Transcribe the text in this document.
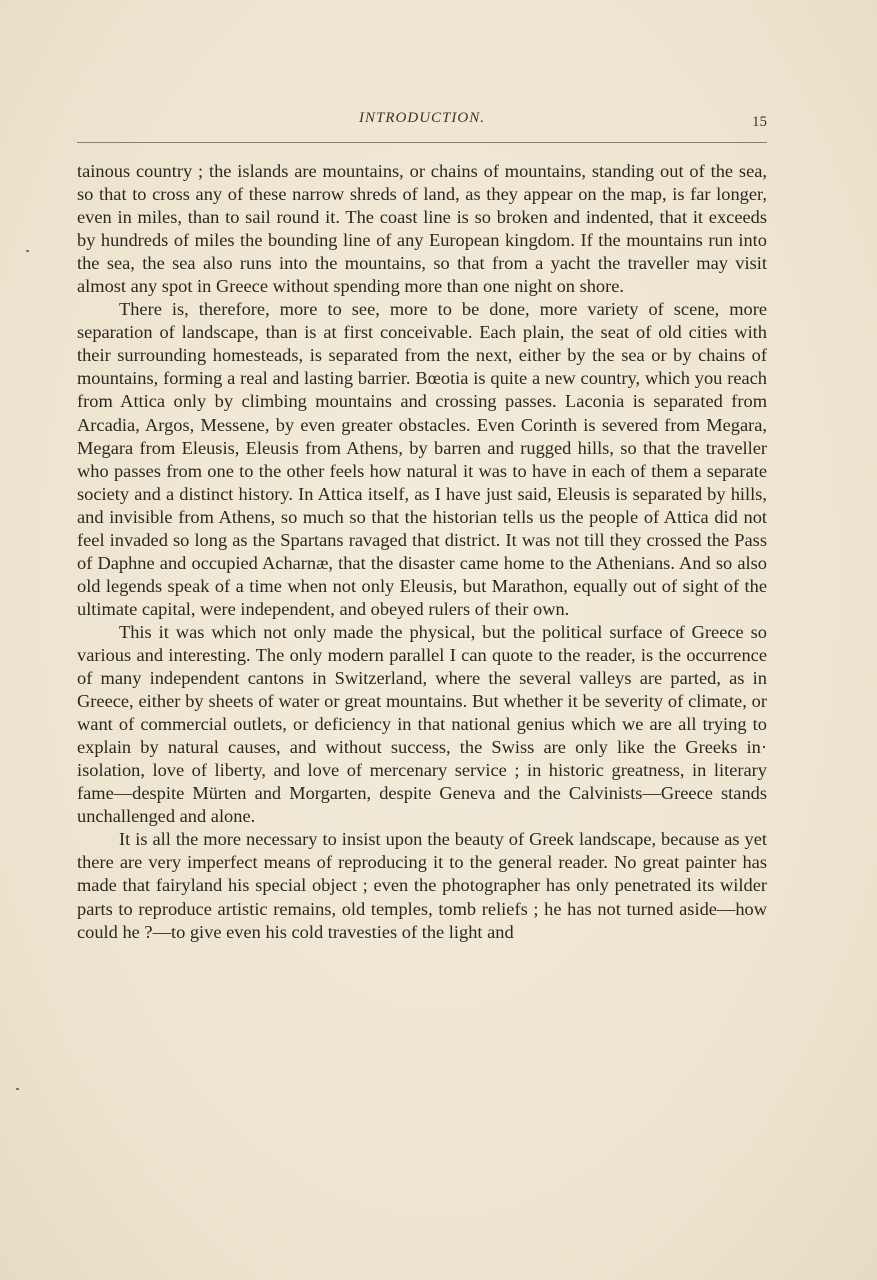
INTRODUCTION.	15

tainous country ; the islands are mountains, or chains of mountains, standing out of the sea, so that to cross any of these narrow shreds of land, as they appear on the map, is far longer, even in miles, than to sail round it. The coast line is so broken and indented, that it exceeds by hundreds of miles the bounding line of any European kingdom. If the mountains run into the sea, the sea also runs into the mountains, so that from a yacht the traveller may visit almost any spot in Greece without spending more than one night on shore.

There is, therefore, more to see, more to be done, more variety of scene, more separation of landscape, than is at first conceivable. Each plain, the seat of old cities with their surrounding homesteads, is separated from the next, either by the sea or by chains of mountains, forming a real and lasting barrier. Bœotia is quite a new country, which you reach from Attica only by climbing mountains and crossing passes. Laconia is separated from Arcadia, Argos, Messene, by even greater obstacles. Even Corinth is severed from Megara, Megara from Eleusis, Eleusis from Athens, by barren and rugged hills, so that the traveller who passes from one to the other feels how natural it was to have in each of them a separate society and a distinct history. In Attica itself, as I have just said, Eleusis is separated by hills, and invisible from Athens, so much so that the historian tells us the people of Attica did not feel invaded so long as the Spartans ravaged that district. It was not till they crossed the Pass of Daphne and occupied Acharnæ, that the disaster came home to the Athenians. And so also old legends speak of a time when not only Eleusis, but Marathon, equally out of sight of the ultimate capital, were independent, and obeyed rulers of their own.

This it was which not only made the physical, but the political surface of Greece so various and interesting. The only modern parallel I can quote to the reader, is the occurrence of many independent cantons in Switzerland, where the several valleys are parted, as in Greece, either by sheets of water or great mountains. But whether it be severity of climate, or want of commercial outlets, or deficiency in that national genius which we are all trying to explain by natural causes, and without success, the Swiss are only like the Greeks in· isolation, love of liberty, and love of mercenary service ; in historic greatness, in literary fame—despite Mürten and Morgarten, despite Geneva and the Calvinists—Greece stands unchallenged and alone.

It is all the more necessary to insist upon the beauty of Greek landscape, because as yet there are very imperfect means of reproducing it to the general reader. No great painter has made that fairyland his special object ; even the photographer has only penetrated its wilder parts to reproduce artistic remains, old temples, tomb reliefs ; he has not turned aside—how could he ?—to give even his cold travesties of the light and
